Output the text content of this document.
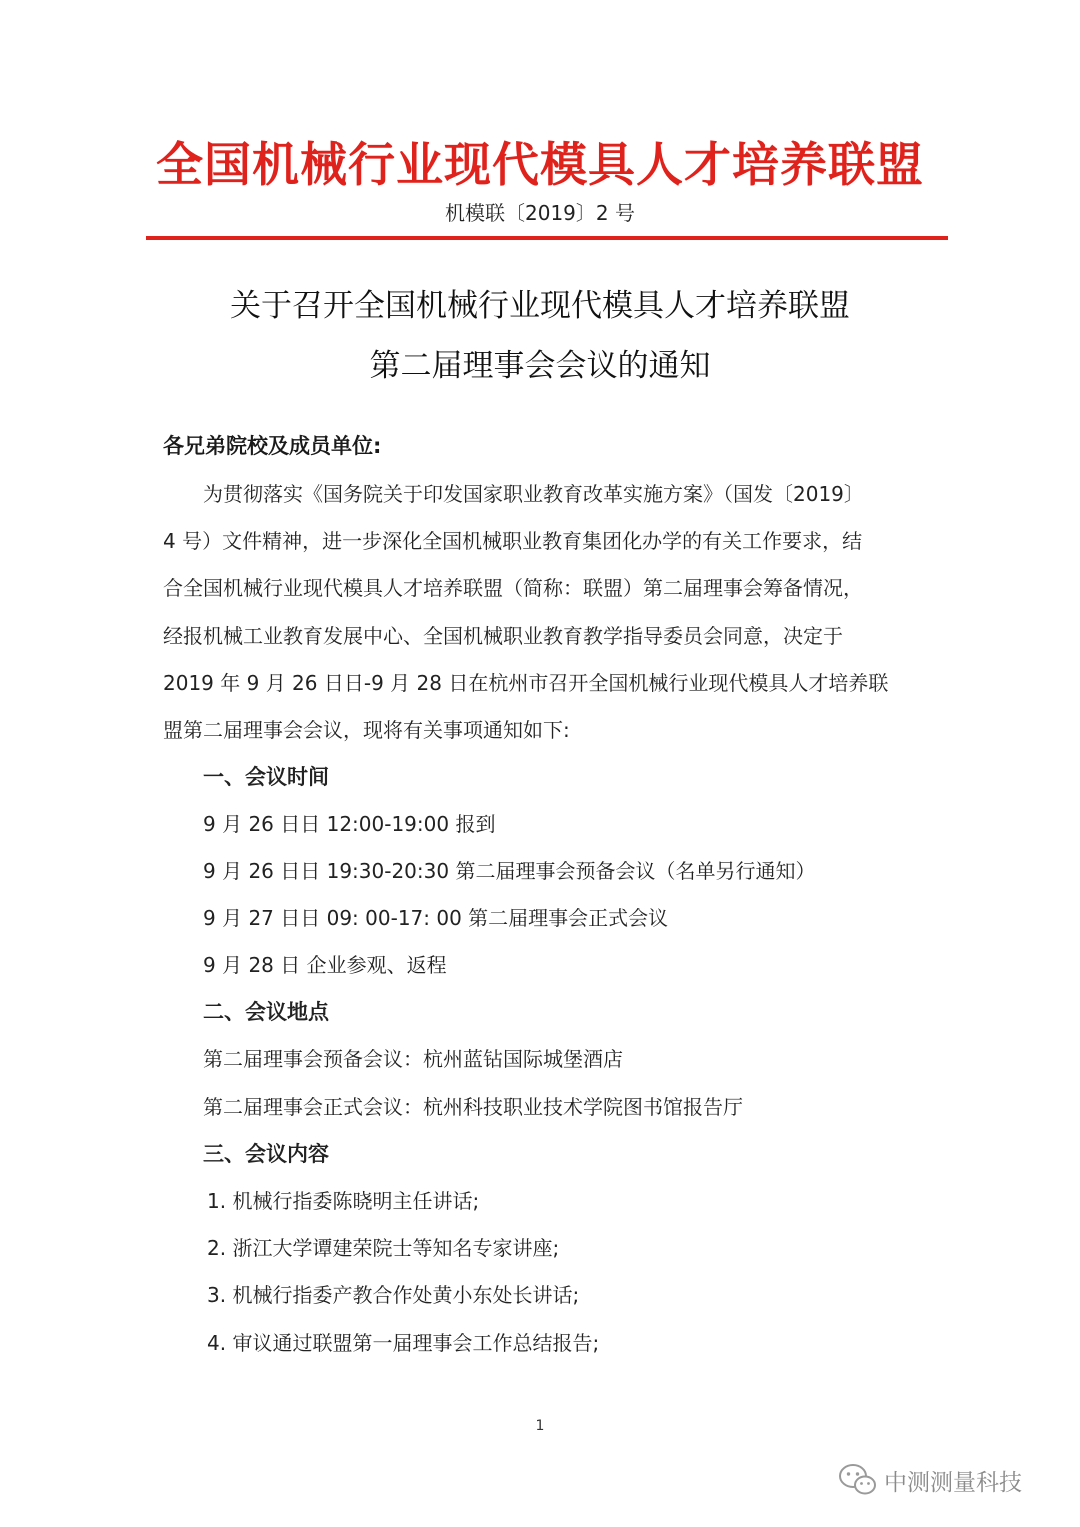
全国机械行业现代模具人才培养联盟
机模联〔2019〕2 号
关于召开全国机械行业现代模具人才培养联盟
第二届理事会会议的通知
各兄弟院校及成员单位:
为贯彻落实《国务院关于印发国家职业教育改革实施方案》（国发〔2019〕
4 号）文件精神，进一步深化全国机械职业教育集团化办学的有关工作要求，结
合全国机械行业现代模具人才培养联盟（简称：联盟）第二届理事会筹备情况，
经报机械工业教育发展中心、全国机械职业教育教学指导委员会同意，决定于
2019 年 9 月 26 日日-9 月 28 日在杭州市召开全国机械行业现代模具人才培养联
盟第二届理事会会议，现将有关事项通知如下:
一、会议时间
9 月 26 日日 12:00-19:00 报到
9 月 26 日日 19:30-20:30 第二届理事会预备会议（名单另行通知）
9 月 27 日日 09: 00-17: 00 第二届理事会正式会议
9 月 28 日 企业参观、返程
二、会议地点
第二届理事会预备会议：杭州蓝钻国际城堡酒店
第二届理事会正式会议：杭州科技职业技术学院图书馆报告厅
三、会议内容
1. 机械行指委陈晓明主任讲话;
2. 浙江大学谭建荣院士等知名专家讲座;
3. 机械行指委产教合作处黄小东处长讲话;
4. 审议通过联盟第一届理事会工作总结报告;
1
中测测量科技
